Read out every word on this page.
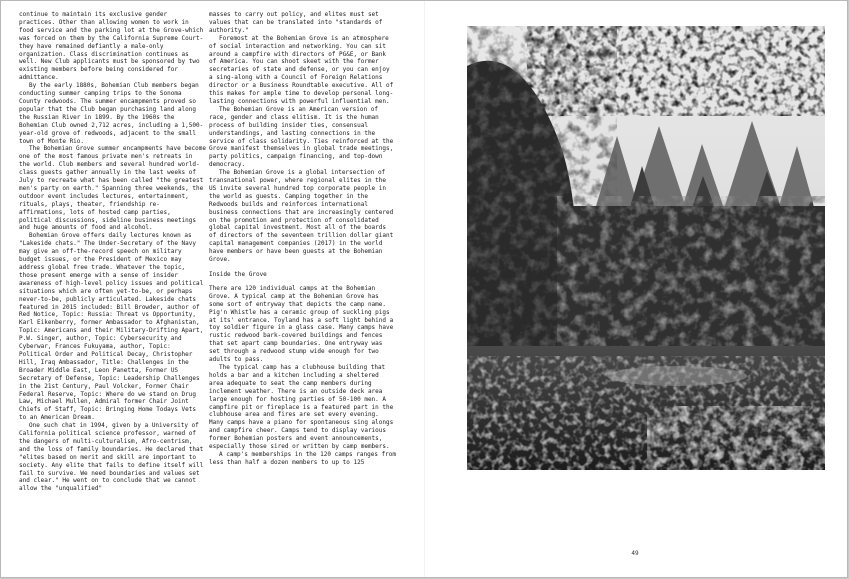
continue to maintain its exclusive gender practices. Other than allowing women to work in food service and the parking lot at the Grove-which was forced on them by the California Supreme Court-they have remained defiantly a male-only organization. Class discrimination continues as well. New Club applicants must be sponsored by two existing members before being considered for admittance.

By the early 1880s, Bohemian Club members began conducting summer camping trips to the Sonoma County redwoods. The summer encampments proved so popular that the Club began purchasing land along the Russian River in 1899. By the 1960s the Bohemian Club owned 2,712 acres, including a 1,500-year-old grove of redwoods, adjacent to the small town of Monte Rio.

The Bohemian Grove summer encampments have become one of the most famous private men's retreats in the world. Club members and several hundred world-class guests gather annually in the last weeks of July to recreate what has been called "the greatest men's party on earth." Spanning three weekends, the outdoor event includes lectures, entertainment, rituals, plays, theater, friendship re-affirmations, lots of hosted camp parties, political discussions, sideline business meetings and huge amounts of food and alcohol.

Bohemian Grove offers daily lectures known as "Lakeside chats." The Under-Secretary of the Navy may give an off-the-record speech on military budget issues, or the President of Mexico may address global free trade. Whatever the topic, those present emerge with a sense of insider awareness of high-level policy issues and political situations which are often yet-to-be, or perhaps never-to-be, publicly articulated. Lakeside chats featured in 2015 included: Bill Browder, author of Red Notice, Topic: Russia: Threat vs Opportunity, Karl Eikenberry, former Ambassador to Afghanistan, Topic: Americans and their Military-Drifting Apart, P.W. Singer, author, Topic: Cybersecurity and Cyberwar, Frances Fukuyama, author, Topic: Political Order and Political Decay, Christopher Hill, Iraq Ambassador, Title: Challenges in the Broader Middle East, Leon Panetta, Former US Secretary of Defense, Topic: Leadership Challenges in the 21st Century, Paul Volcker, Former Chair Federal Reserve, Topic: Where do we stand on Drug Law, Michael Mullen, Admiral former Chair Joint Chiefs of Staff, Topic: Bringing Home Todays Vets to an American Dream.

One such chat in 1994, given by a University of California political science professor, warned of the dangers of multi-culturalism, Afro-centrism, and the loss of family boundaries. He declared that "elites based on merit and skill are important to society. Any elite that fails to define itself will fail to survive. We need boundaries and values set and clear." He went on to conclude that we cannot allow the "unqualified"

masses to carry out policy, and elites must set values that can be translated into "standards of authority."

Foremost at the Bohemian Grove is an atmosphere of social interaction and networking. You can sit around a campfire with directors of PG&E, or Bank of America. You can shoot skeet with the former secretaries of state and defense, or you can enjoy a sing-along with a Council of Foreign Relations director or a Business Roundtable executive. All of this makes for ample time to develop personal long-lasting connections with powerful influential men.

The Bohemian Grove is an American version of race, gender and class elitism. It is the human process of building insider ties, consensual understandings, and lasting connections in the service of class solidarity. Ties reinforced at the Grove manifest themselves in global trade meetings, party politics, campaign financing, and top-down democracy.

The Bohemian Grove is a global intersection of transnational power, where regional elites in the US invite several hundred top corporate people in the world as guests. Camping together in the Redwoods builds and reinforces international business connections that are increasingly centered on the promotion and protection of consolidated global capital investment. Most all of the boards of directors of the seventeen trillion dollar giant capital management companies (2017) in the world have members or have been guests at the Bohemian Grove.

Inside the Grove

There are 120 individual camps at the Bohemian Grove. A typical camp at the Bohemian Grove has some sort of entryway that depicts the camp name. Pig'n Whistle has a ceramic group of suckling pigs at its' entrance. Toyland has a soft light behind a toy soldier figure in a glass case. Many camps have rustic redwood bark-covered buildings and fences that set apart camp boundaries. One entryway was set through a redwood stump wide enough for two adults to pass.

The typical camp has a clubhouse building that holds a bar and a kitchen including a sheltered area adequate to seat the camp members during inclement weather. There is an outside deck area large enough for hosting parties of 50-100 men. A campfire pit or fireplace is a featured part in the clubhouse area and fires are set every evening. Many camps have a piano for spontaneous sing alongs and campfire cheer. Camps tend to display various former Bohemian posters and event announcements, especially those sired or written by camp members.

A camp's memberships in the 120 camps ranges from less than half a dozen members to up to 125

49
